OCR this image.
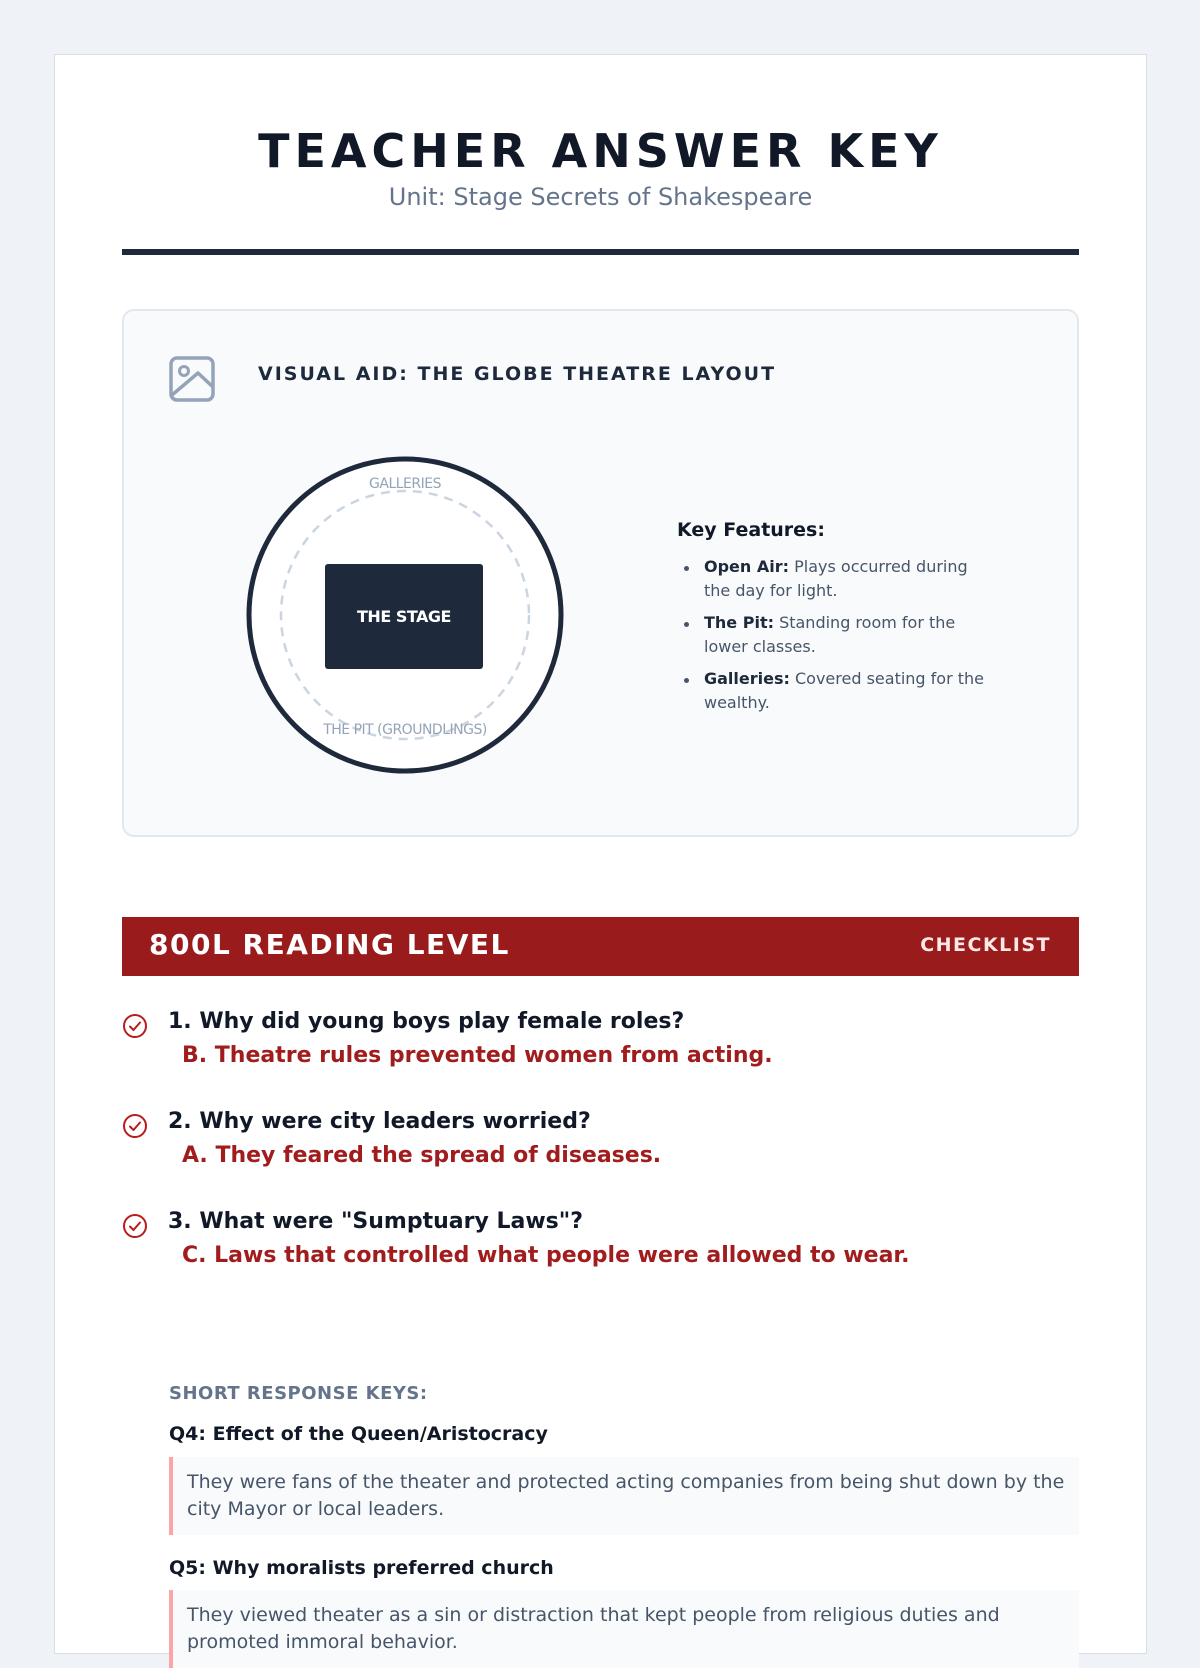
TEACHER ANSWER KEY
Unit: Stage Secrets of Shakespeare
VISUAL AID: THE GLOBE THEATRE LAYOUT
GALLERIES
THE STAGE
THE PIT (GROUNDLINGS)
Key Features:
Open Air: Plays occurred during the day for light.
The Pit: Standing room for the lower classes.
Galleries: Covered seating for the wealthy.
800L READING LEVEL	CHECKLIST
1. Why did young boys play female roles?
B. Theatre rules prevented women from acting.
2. Why were city leaders worried?
A. They feared the spread of diseases.
3. What were "Sumptuary Laws"?
C. Laws that controlled what people were allowed to wear.
SHORT RESPONSE KEYS:
Q4: Effect of the Queen/Aristocracy
They were fans of the theater and protected acting companies from being shut down by the city Mayor or local leaders.
Q5: Why moralists preferred church
They viewed theater as a sin or distraction that kept people from religious duties and promoted immoral behavior.
